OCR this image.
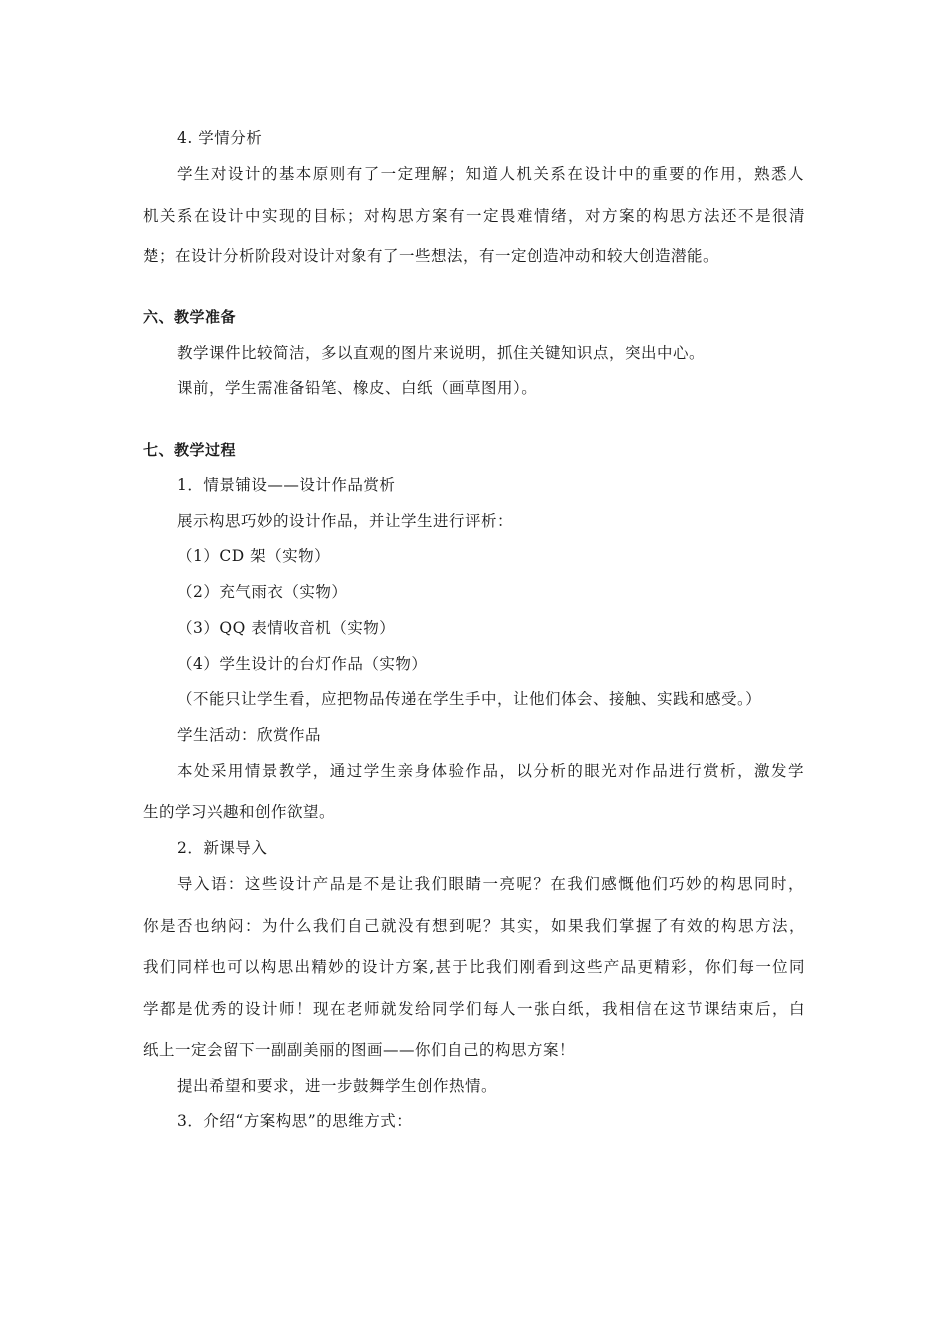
4. 学情分析
学生对设计的基本原则有了一定理解；知道人机关系在设计中的重要的作用，熟悉人
机关系在设计中实现的目标；对构思方案有一定畏难情绪，对方案的构思方法还不是很清
楚；在设计分析阶段对设计对象有了一些想法，有一定创造冲动和较大创造潜能。
六、教学准备
教学课件比较简洁，多以直观的图片来说明，抓住关键知识点，突出中心。
课前，学生需准备铅笔、橡皮、白纸（画草图用）。
七、教学过程
1．情景铺设——设计作品赏析
展示构思巧妙的设计作品，并让学生进行评析：
（1）CD 架（实物）
（2）充气雨衣（实物）
（3）QQ 表情收音机（实物）
（4）学生设计的台灯作品（实物）
（不能只让学生看，应把物品传递在学生手中，让他们体会、接触、实践和感受。）
学生活动：欣赏作品
本处采用情景教学，通过学生亲身体验作品，以分析的眼光对作品进行赏析，激发学
生的学习兴趣和创作欲望。
2．新课导入
导入语：这些设计产品是不是让我们眼睛一亮呢？在我们感慨他们巧妙的构思同时，
你是否也纳闷：为什么我们自己就没有想到呢？其实，如果我们掌握了有效的构思方法，
我们同样也可以构思出精妙的设计方案,甚于比我们刚看到这些产品更精彩，你们每一位同
学都是优秀的设计师！现在老师就发给同学们每人一张白纸，我相信在这节课结束后，白
纸上一定会留下一副副美丽的图画——你们自己的构思方案！
提出希望和要求，进一步鼓舞学生创作热情。
3．介绍“方案构思”的思维方式：
